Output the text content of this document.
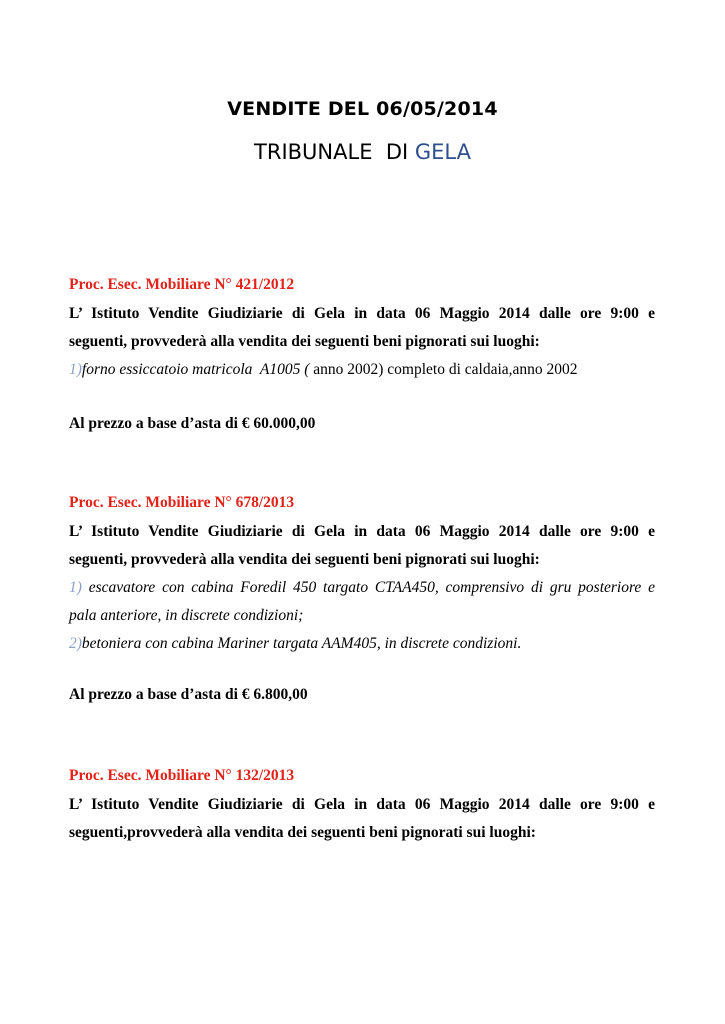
VENDITE DEL 06/05/2014
TRIBUNALE  DI GELA
Proc. Esec. Mobiliare N° 421/2012
L’ Istituto Vendite Giudiziarie di Gela in data 06 Maggio 2014 dalle ore 9:00 e
seguenti, provvederà alla vendita dei seguenti beni pignorati sui luoghi:
1)forno essiccatoio matricola  A1005 ( anno 2002) completo di caldaia,anno 2002
Al prezzo a base d’asta di € 60.000,00
Proc. Esec. Mobiliare N° 678/2013
L’ Istituto Vendite Giudiziarie di Gela in data 06 Maggio 2014 dalle ore 9:00 e
seguenti, provvederà alla vendita dei seguenti beni pignorati sui luoghi:
1) escavatore con cabina Foredil 450 targato CTAA450, comprensivo di gru posteriore e
pala anteriore, in discrete condizioni;
2)betoniera con cabina Mariner targata AAM405, in discrete condizioni.
Al prezzo a base d’asta di € 6.800,00
Proc. Esec. Mobiliare N° 132/2013
L’ Istituto Vendite Giudiziarie di Gela in data 06 Maggio 2014 dalle ore 9:00 e
seguenti,provvederà alla vendita dei seguenti beni pignorati sui luoghi:
